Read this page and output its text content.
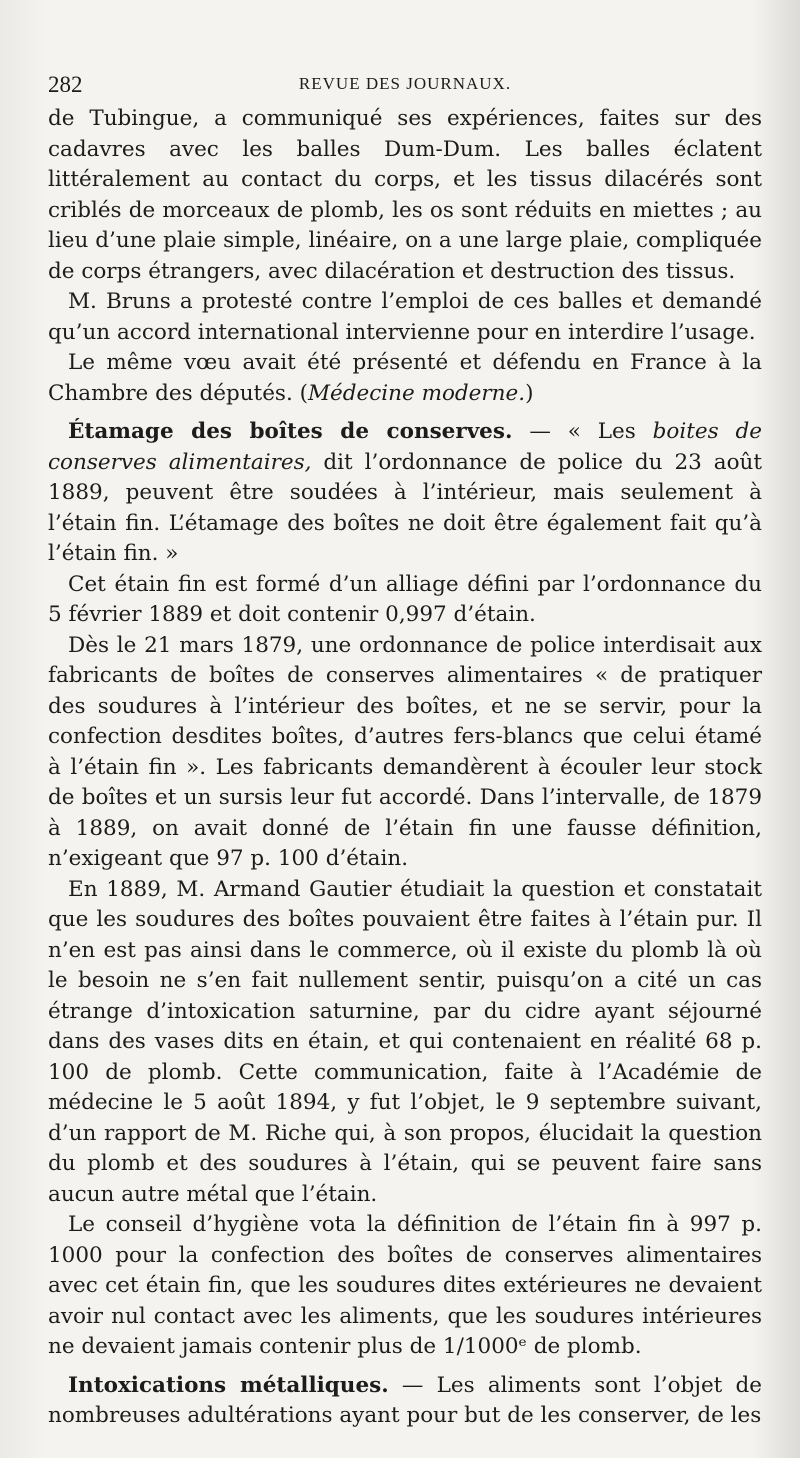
282	REVUE DES JOURNAUX.

de Tubingue, a communiqué ses expériences, faites sur des cadavres avec les balles Dum-Dum. Les balles éclatent littéralement au contact du corps, et les tissus dilacérés sont criblés de morceaux de plomb, les os sont réduits en miettes ; au lieu d’une plaie simple, linéaire, on a une large plaie, compliquée de corps étrangers, avec dilacération et destruction des tissus.

M. Bruns a protesté contre l’emploi de ces balles et demandé qu’un accord international intervienne pour en interdire l’usage.

Le même vœu avait été présenté et défendu en France à la Chambre des députés. (Médecine moderne.)

Étamage des boîtes de conserves. — « Les boites de conserves alimentaires, dit l’ordonnance de police du 23 août 1889, peuvent être soudées à l’intérieur, mais seulement à l’étain fin. L’étamage des boîtes ne doit être également fait qu’à l’étain fin. »

Cet étain fin est formé d’un alliage défini par l’ordonnance du 5 février 1889 et doit contenir 0,997 d’étain.

Dès le 21 mars 1879, une ordonnance de police interdisait aux fabricants de boîtes de conserves alimentaires « de pratiquer des soudures à l’intérieur des boîtes, et ne se servir, pour la confection desdites boîtes, d’autres fers-blancs que celui étamé à l’étain fin ». Les fabricants demandèrent à écouler leur stock de boîtes et un sursis leur fut accordé. Dans l’intervalle, de 1879 à 1889, on avait donné de l’étain fin une fausse définition, n’exigeant que 97 p. 100 d’étain.

En 1889, M. Armand Gautier étudiait la question et constatait que les soudures des boîtes pouvaient être faites à l’étain pur. Il n’en est pas ainsi dans le commerce, où il existe du plomb là où le besoin ne s’en fait nullement sentir, puisqu’on a cité un cas étrange d’intoxication saturnine, par du cidre ayant séjourné dans des vases dits en étain, et qui contenaient en réalité 68 p. 100 de plomb. Cette communication, faite à l’Académie de médecine le 5 août 1894, y fut l’objet, le 9 septembre suivant, d’un rapport de M. Riche qui, à son propos, élucidait la question du plomb et des soudures à l’étain, qui se peuvent faire sans aucun autre métal que l’étain.

Le conseil d’hygiène vota la définition de l’étain fin à 997 p. 1000 pour la confection des boîtes de conserves alimentaires avec cet étain fin, que les soudures dites extérieures ne devaient avoir nul contact avec les aliments, que les soudures intérieures ne devaient jamais contenir plus de 1/1000ᵉ de plomb.

Intoxications métalliques. — Les aliments sont l’objet de nombreuses adultérations ayant pour but de les conserver, de les
